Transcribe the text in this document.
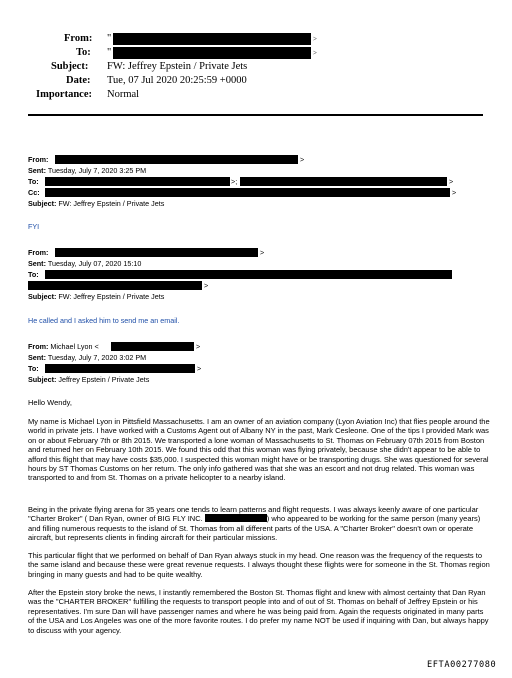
From: "	>
To: "	>
Subject: FW: Jeffrey Epstein / Private Jets
Date: Tue, 07 Jul 2020 20:25:59 +0000
Importance: Normal
From:	>
Sent: Tuesday, July 7, 2020 3:25 PM
To:	>;	>
Cc:	>
Subject: FW: Jeffrey Epstein / Private Jets
FYI
From:	>
Sent: Tuesday, July 07, 2020 15:10
To:
>
Subject: FW: Jeffrey Epstein / Private Jets
He called and I asked him to send me an email.
From: Michael Lyon <	>
Sent: Tuesday, July 7, 2020 3:02 PM
To:	>
Subject: Jeffrey Epstein / Private Jets
Hello Wendy,
My name is Michael Lyon in Pittsfield Massachusetts. I am an owner of an aviation company (Lyon Aviation Inc) that flies people around the world in private jets. I have worked with a Customs Agent out of Albany NY in the past, Mark Cesleone. One of the tips I provided Mark was on or about February 7th or 8th 2015. We transported a lone woman of Massachusetts to St. Thomas on February 07th 2015 from Boston and returned her on February 10th 2015. We found this odd that this woman was flying privately, because she didn't appear to be able to afford this flight that may have costs $35,000. I suspected this woman might have or be transporting drugs. She was questioned for several hours by ST Thomas Customs on her return. The only info gathered was that she was an escort and not drug related. This woman was transported to and from St. Thomas on a private helicopter to a nearby island.
Being in the private flying arena for 35 years one tends to learn patterns and flight requests. I was always keenly aware of one particular "Charter Broker" ( Dan Ryan, owner of BIG FLY INC.	) who appeared to be working for the same person (many years) and filling numerous requests to the island of St. Thomas from all different parts of the USA. A "Charter Broker" doesn't own or operate aircraft, but represents clients in finding aircraft for their particular missions.
This particular flight that we performed on behalf of Dan Ryan always stuck in my head. One reason was the frequency of the requests to the same island and because these were great revenue requests. I always thought these flights were for someone in the St. Thomas region bringing in many guests and had to be quite wealthy.
After the Epstein story broke the news, I instantly remembered the Boston St. Thomas flight and knew with almost certainty that Dan Ryan was the "CHARTER BROKER" fulfilling the requests to transport people into and of out of St. Thomas on behalf of Jeffrey Epstein or his representatives. I'm sure Dan will have passenger names and where he was being paid from. Again the requests originated in many parts of the USA and Los Angeles was one of the more favorite routes. I do prefer my name NOT be used if inquiring with Dan, but always happy to discuss with your agency.
EFTA00277080
